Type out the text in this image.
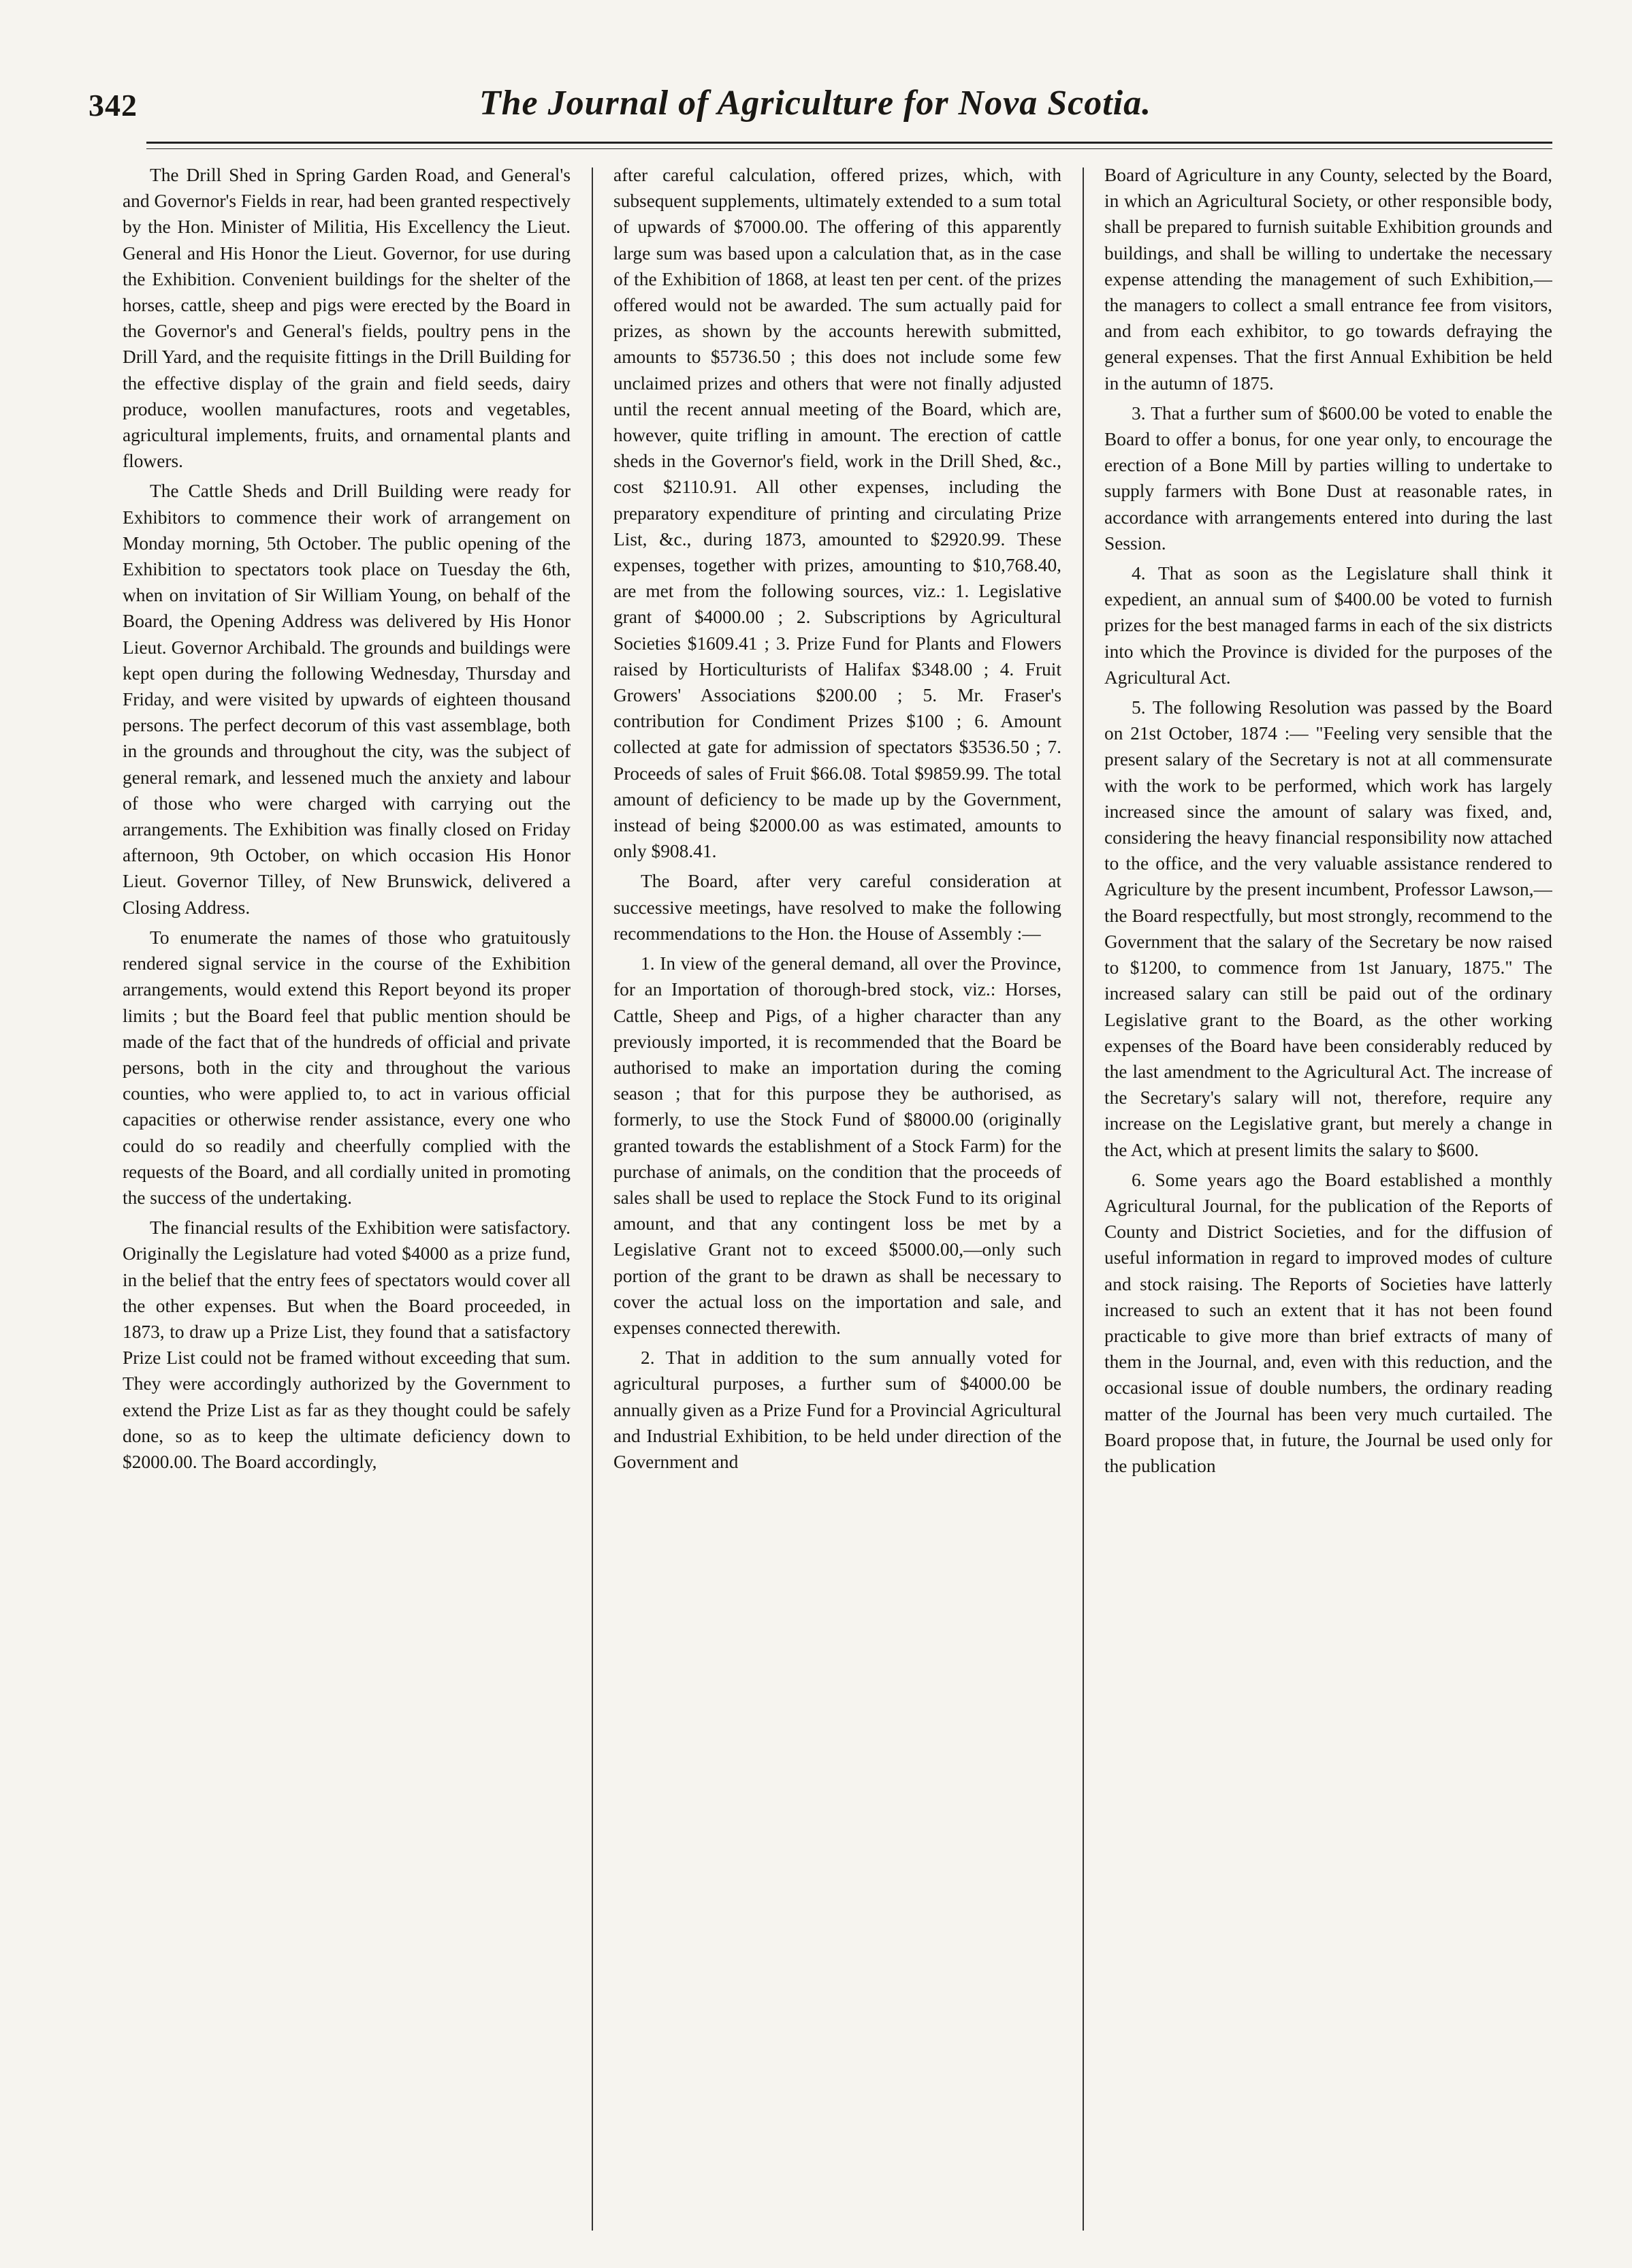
342	The Journal of Agriculture for Nova Scotia.

The Drill Shed in Spring Garden Road, and General's and Governor's Fields in rear, had been granted respectively by the Hon. Minister of Militia, His Excellency the Lieut. General and His Honor the Lieut. Governor, for use during the Exhibition. Convenient buildings for the shelter of the horses, cattle, sheep and pigs were erected by the Board in the Governor's and General's fields, poultry pens in the Drill Yard, and the requisite fittings in the Drill Building for the effective display of the grain and field seeds, dairy produce, woollen manufactures, roots and vegetables, agricultural implements, fruits, and ornamental plants and flowers.

The Cattle Sheds and Drill Building were ready for Exhibitors to commence their work of arrangement on Monday morning, 5th October. The public opening of the Exhibition to spectators took place on Tuesday the 6th, when on invitation of Sir William Young, on behalf of the Board, the Opening Address was delivered by His Honor Lieut. Governor Archibald. The grounds and buildings were kept open during the following Wednesday, Thursday and Friday, and were visited by upwards of eighteen thousand persons. The perfect decorum of this vast assemblage, both in the grounds and throughout the city, was the subject of general remark, and lessened much the anxiety and labour of those who were charged with carrying out the arrangements. The Exhibition was finally closed on Friday afternoon, 9th October, on which occasion His Honor Lieut. Governor Tilley, of New Brunswick, delivered a Closing Address.

To enumerate the names of those who gratuitously rendered signal service in the course of the Exhibition arrangements, would extend this Report beyond its proper limits ; but the Board feel that public mention should be made of the fact that of the hundreds of official and private persons, both in the city and throughout the various counties, who were applied to, to act in various official capacities or otherwise render assistance, every one who could do so readily and cheerfully complied with the requests of the Board, and all cordially united in promoting the success of the undertaking.

The financial results of the Exhibition were satisfactory. Originally the Legislature had voted $4000 as a prize fund, in the belief that the entry fees of spectators would cover all the other expenses. But when the Board proceeded, in 1873, to draw up a Prize List, they found that a satisfactory Prize List could not be framed without exceeding that sum. They were accordingly authorized by the Government to extend the Prize List as far as they thought could be safely done, so as to keep the ultimate deficiency down to $2000.00. The Board accordingly,

after careful calculation, offered prizes, which, with subsequent supplements, ultimately extended to a sum total of upwards of $7000.00. The offering of this apparently large sum was based upon a calculation that, as in the case of the Exhibition of 1868, at least ten per cent. of the prizes offered would not be awarded. The sum actually paid for prizes, as shown by the accounts herewith submitted, amounts to $5736.50 ; this does not include some few unclaimed prizes and others that were not finally adjusted until the recent annual meeting of the Board, which are, however, quite trifling in amount. The erection of cattle sheds in the Governor's field, work in the Drill Shed, &c., cost $2110.91. All other expenses, including the preparatory expenditure of printing and circulating Prize List, &c., during 1873, amounted to $2920.99. These expenses, together with prizes, amounting to $10,768.40, are met from the following sources, viz.: 1. Legislative grant of $4000.00 ; 2. Subscriptions by Agricultural Societies $1609.41 ; 3. Prize Fund for Plants and Flowers raised by Horticulturists of Halifax $348.00 ; 4. Fruit Growers' Associations $200.00 ; 5. Mr. Fraser's contribution for Condiment Prizes $100 ; 6. Amount collected at gate for admission of spectators $3536.50 ; 7. Proceeds of sales of Fruit $66.08. Total $9859.99. The total amount of deficiency to be made up by the Government, instead of being $2000.00 as was estimated, amounts to only $908.41.

The Board, after very careful consideration at successive meetings, have resolved to make the following recommendations to the Hon. the House of Assembly :—

1. In view of the general demand, all over the Province, for an Importation of thorough-bred stock, viz.: Horses, Cattle, Sheep and Pigs, of a higher character than any previously imported, it is recommended that the Board be authorised to make an importation during the coming season ; that for this purpose they be authorised, as formerly, to use the Stock Fund of $8000.00 (originally granted towards the establishment of a Stock Farm) for the purchase of animals, on the condition that the proceeds of sales shall be used to replace the Stock Fund to its original amount, and that any contingent loss be met by a Legislative Grant not to exceed $5000.00,—only such portion of the grant to be drawn as shall be necessary to cover the actual loss on the importation and sale, and expenses connected therewith.

2. That in addition to the sum annually voted for agricultural purposes, a further sum of $4000.00 be annually given as a Prize Fund for a Provincial Agricultural and Industrial Exhibition, to be held under direction of the Government and

Board of Agriculture in any County, selected by the Board, in which an Agricultural Society, or other responsible body, shall be prepared to furnish suitable Exhibition grounds and buildings, and shall be willing to undertake the necessary expense attending the management of such Exhibition,—the managers to collect a small entrance fee from visitors, and from each exhibitor, to go towards defraying the general expenses. That the first Annual Exhibition be held in the autumn of 1875.

3. That a further sum of $600.00 be voted to enable the Board to offer a bonus, for one year only, to encourage the erection of a Bone Mill by parties willing to undertake to supply farmers with Bone Dust at reasonable rates, in accordance with arrangements entered into during the last Session.

4. That as soon as the Legislature shall think it expedient, an annual sum of $400.00 be voted to furnish prizes for the best managed farms in each of the six districts into which the Province is divided for the purposes of the Agricultural Act.

5. The following Resolution was passed by the Board on 21st October, 1874 :— "Feeling very sensible that the present salary of the Secretary is not at all commensurate with the work to be performed, which work has largely increased since the amount of salary was fixed, and, considering the heavy financial responsibility now attached to the office, and the very valuable assistance rendered to Agriculture by the present incumbent, Professor Lawson,—the Board respectfully, but most strongly, recommend to the Government that the salary of the Secretary be now raised to $1200, to commence from 1st January, 1875." The increased salary can still be paid out of the ordinary Legislative grant to the Board, as the other working expenses of the Board have been considerably reduced by the last amendment to the Agricultural Act. The increase of the Secretary's salary will not, therefore, require any increase on the Legislative grant, but merely a change in the Act, which at present limits the salary to $600.

6. Some years ago the Board established a monthly Agricultural Journal, for the publication of the Reports of County and District Societies, and for the diffusion of useful information in regard to improved modes of culture and stock raising. The Reports of Societies have latterly increased to such an extent that it has not been found practicable to give more than brief extracts of many of them in the Journal, and, even with this reduction, and the occasional issue of double numbers, the ordinary reading matter of the Journal has been very much curtailed. The Board propose that, in future, the Journal be used only for the publication
